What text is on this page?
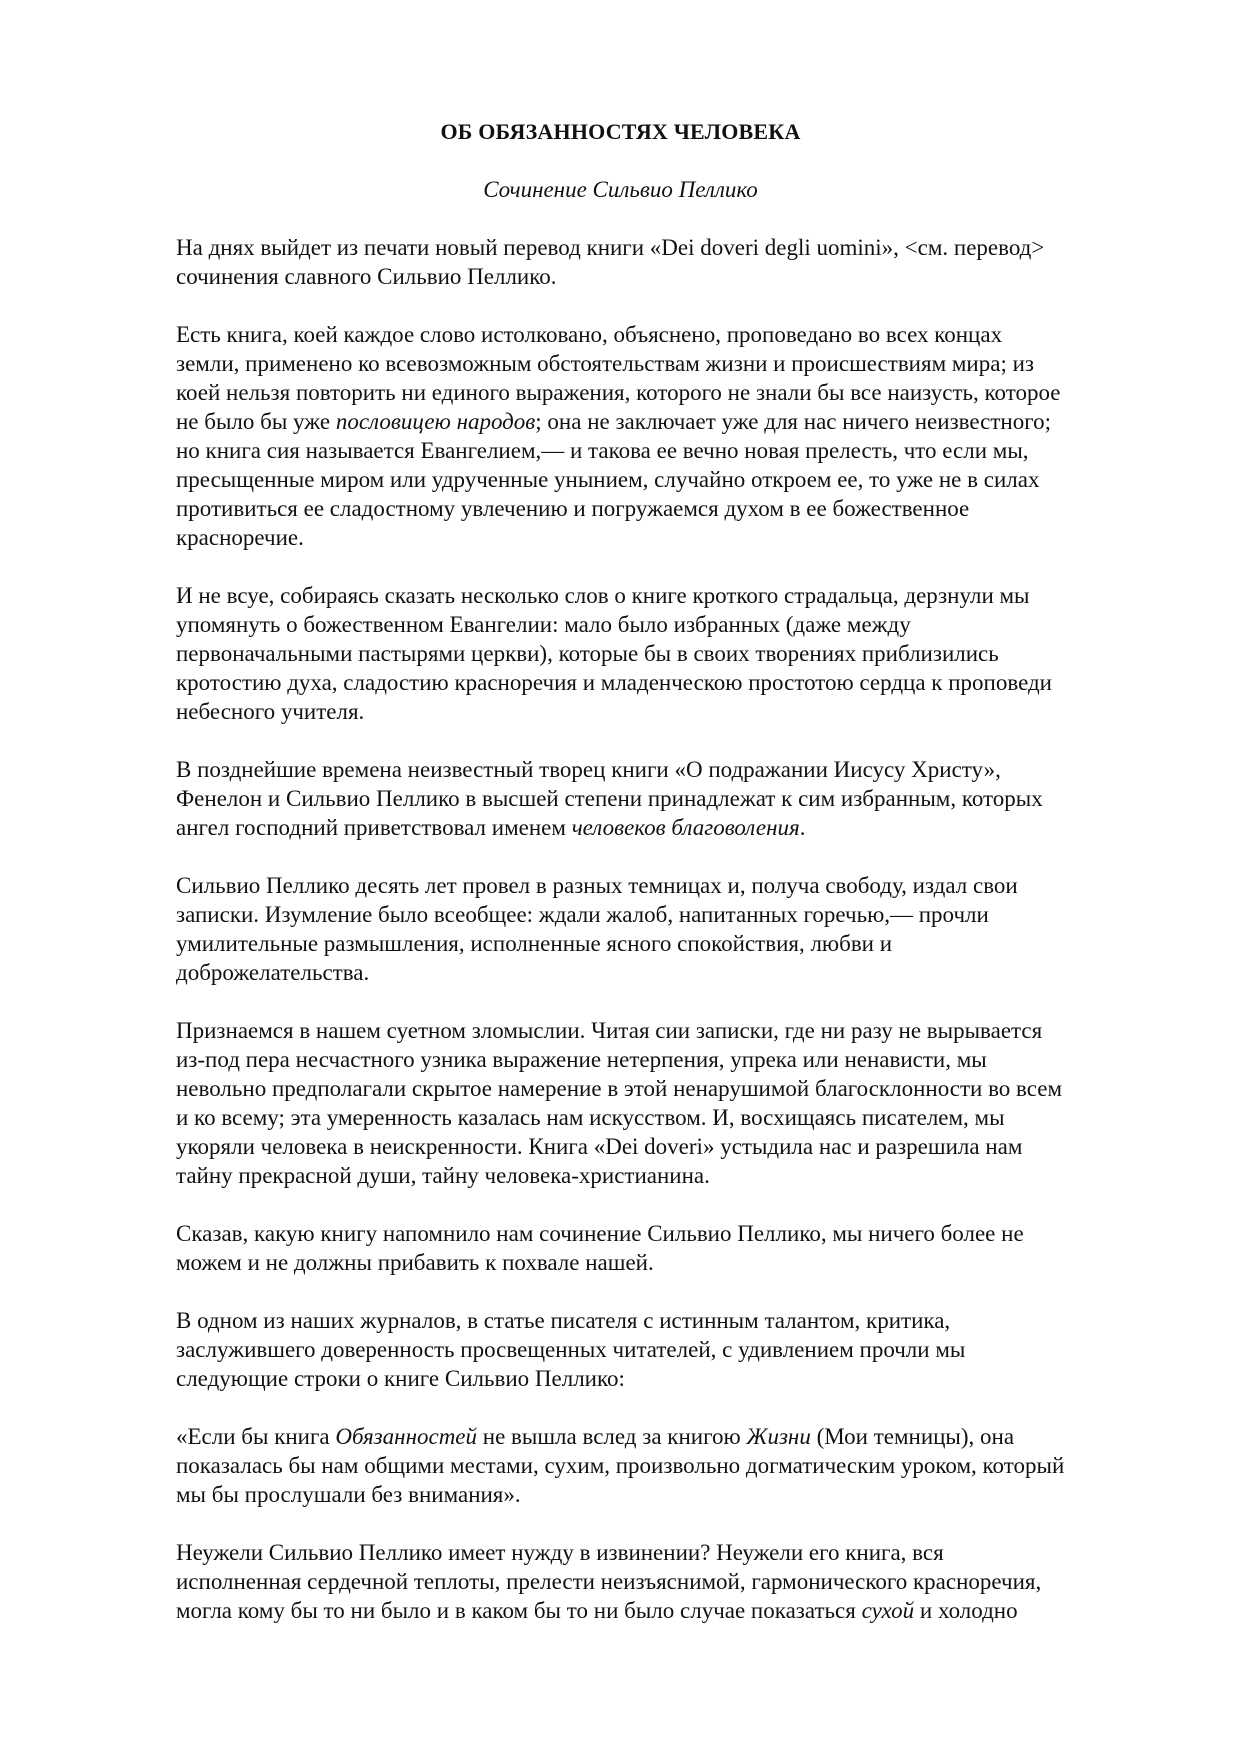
ОБ ОБЯЗАННОСТЯХ ЧЕЛОВЕКА
Сочинение Сильвио Пеллико
На днях выйдет из печати новый перевод книги «Dei doveri degli uomini», <см. перевод>
сочинения славного Сильвио Пеллико.
Есть книга, коей каждое слово истолковано, объяснено, проповедано во всех концах
земли, применено ко всевозможным обстоятельствам жизни и происшествиям мира; из
коей нельзя повторить ни единого выражения, которого не знали бы все наизусть, которое
не было бы уже пословицею народов; она не заключает уже для нас ничего неизвестного;
но книга сия называется Евангелием,— и такова ее вечно новая прелесть, что если мы,
пресыщенные миром или удрученные унынием, случайно откроем ее, то уже не в силах
противиться ее сладостному увлечению и погружаемся духом в ее божественное
красноречие.
И не всуе, собираясь сказать несколько слов о книге кроткого страдальца, дерзнули мы
упомянуть о божественном Евангелии: мало было избранных (даже между
первоначальными пастырями церкви), которые бы в своих творениях приблизились
кротостию духа, сладостию красноречия и младенческою простотою сердца к проповеди
небесного учителя.
В позднейшие времена неизвестный творец книги «О подражании Иисусу Христу»,
Фенелон и Сильвио Пеллико в высшей степени принадлежат к сим избранным, которых
ангел господний приветствовал именем человеков благоволения.
Сильвио Пеллико десять лет провел в разных темницах и, получа свободу, издал свои
записки. Изумление было всеобщее: ждали жалоб, напитанных горечью,— прочли
умилительные размышления, исполненные ясного спокойствия, любви и
доброжелательства.
Признаемся в нашем суетном зломыслии. Читая сии записки, где ни разу не вырывается
из-под пера несчастного узника выражение нетерпения, упрека или ненависти, мы
невольно предполагали скрытое намерение в этой ненарушимой благосклонности во всем
и ко всему; эта умеренность казалась нам искусством. И, восхищаясь писателем, мы
укоряли человека в неискренности. Книга «Dei doveri» устыдила нас и разрешила нам
тайну прекрасной души, тайну человека-христианина.
Сказав, какую книгу напомнило нам сочинение Сильвио Пеллико, мы ничего более не
можем и не должны прибавить к похвале нашей.
В одном из наших журналов, в статье писателя с истинным талантом, критика,
заслужившего доверенность просвещенных читателей, с удивлением прочли мы
следующие строки о книге Сильвио Пеллико:
«Если бы книга Обязанностей не вышла вслед за книгою Жизни (Мои темницы), она
показалась бы нам общими местами, сухим, произвольно догматическим уроком, который
мы бы прослушали без внимания».
Неужели Сильвио Пеллико имеет нужду в извинении? Неужели его книга, вся
исполненная сердечной теплоты, прелести неизъяснимой, гармонического красноречия,
могла кому бы то ни было и в каком бы то ни было случае показаться сухой и холодно
